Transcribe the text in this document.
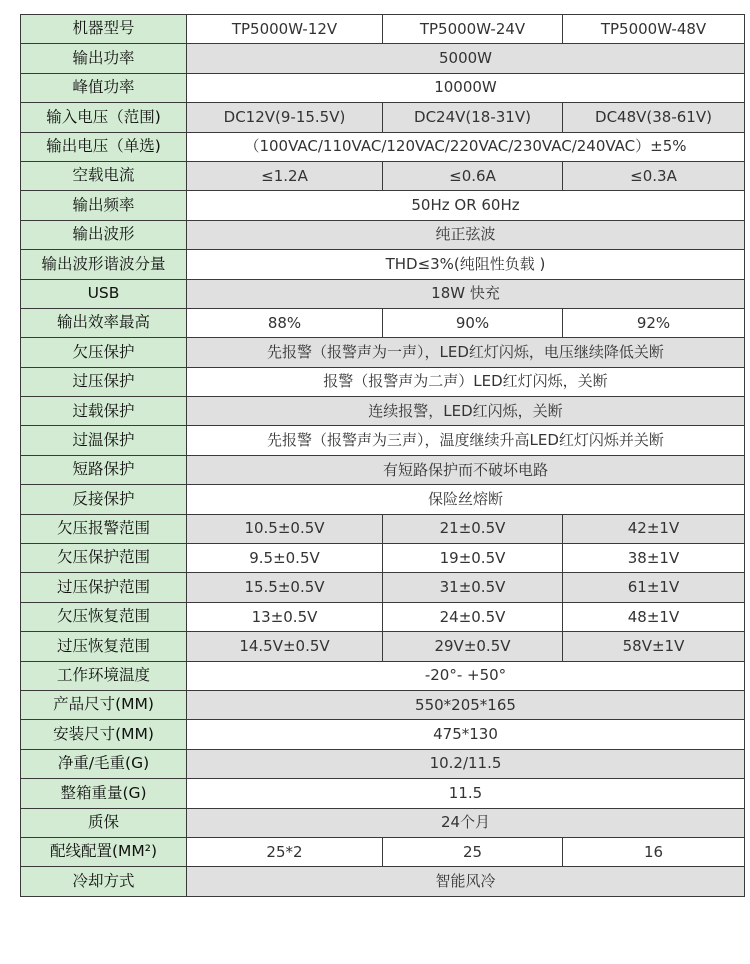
机器型号	TP5000W-12V	TP5000W-24V	TP5000W-48V
输出功率	5000W		
峰值功率	10000W		
输入电压（范围)	DC12V(9-15.5V)	DC24V(18-31V)	DC48V(38-61V)
输出电压（单选)	（100VAC/110VAC/120VAC/220VAC/230VAC/240VAC）±5%		
空载电流	≤1.2A	≤0.6A	≤0.3A
输出频率	50Hz OR 60Hz		
输出波形	纯正弦波		
输出波形谐波分量	THD≤3%(纯阻性负载 )		
USB	18W 快充		
输出效率最高	88%	90%	92%
欠压保护	先报警（报警声为一声），LED红灯闪烁，电压继续降低关断		
过压保护	报警（报警声为二声）LED红灯闪烁，关断		
过载保护	连续报警，LED红闪烁，关断		
过温保护	先报警（报警声为三声），温度继续升高LED红灯闪烁并关断		
短路保护	有短路保护而不破坏电路		
反接保护	保险丝熔断		
欠压报警范围	10.5±0.5V	21±0.5V	42±1V
欠压保护范围	9.5±0.5V	19±0.5V	38±1V
过压保护范围	15.5±0.5V	31±0.5V	61±1V
欠压恢复范围	13±0.5V	24±0.5V	48±1V
过压恢复范围	14.5V±0.5V	29V±0.5V	58V±1V
工作环境温度	-20°- +50°		
产品尺寸(MM)	550*205*165		
安装尺寸(MM)	475*130		
净重/毛重(G)	10.2/11.5		
整箱重量(G)	11.5		
质保	24个月		
配线配置(MM²)	25*2	25	16
冷却方式	智能风冷		
